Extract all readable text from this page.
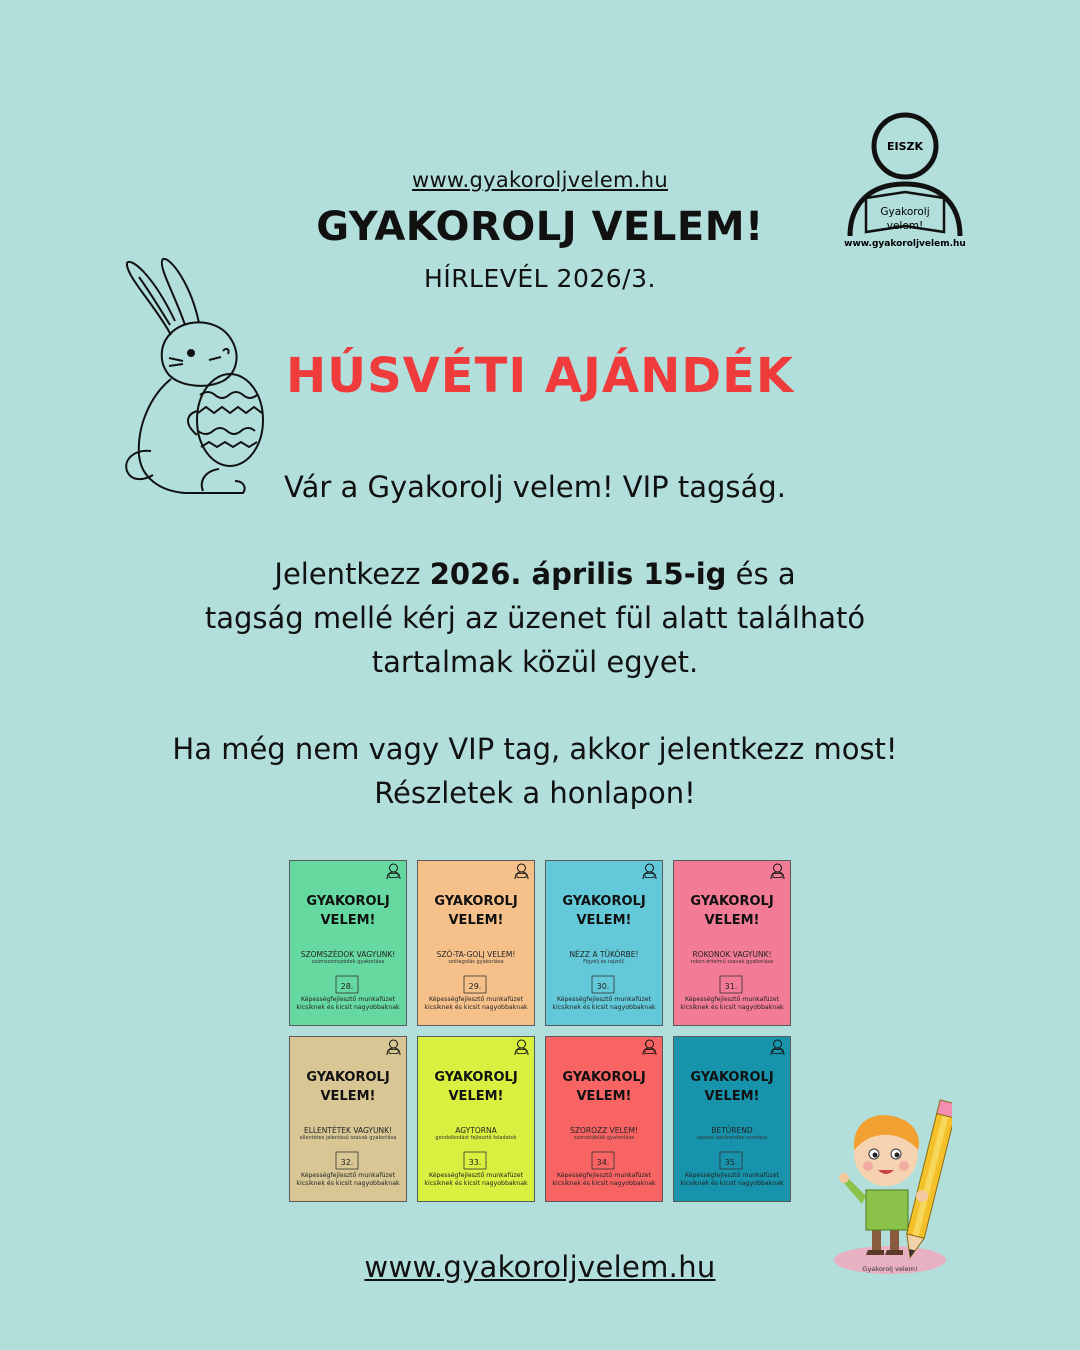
www.gyakoroljvelem.hu
GYAKOROLJ VELEM!
HÍRLEVÉL 2026/3.
EISZK
Gyakorolj
velem!
www.gyakoroljvelem.hu
HÚSVÉTI AJÁNDÉK
Vár a Gyakorolj velem! VIP tagság.
Jelentkezz 2026. április 15-ig és a
tagság mellé kérj az üzenet fül alatt található
tartalmak közül egyet.
Ha még nem vagy VIP tag, akkor jelentkezz most!
Részletek a honlapon!
GYAKOROLJ
VELEM!
SZOMSZÉDOK VAGYUNK!
számszomszédok gyakorlása
28.
Képességfejlesztő munkafüzet
kicsiknek és kicsit nagyobbaknak
GYAKOROLJ
VELEM!
SZÓ-TA-GOLJ VELEM!
szótagolás gyakorlása
29.
Képességfejlesztő munkafüzet
kicsiknek és kicsit nagyobbaknak
GYAKOROLJ
VELEM!
NÉZZ A TÜKÖRBE!
Figyelj és rajzolj!
30.
Képességfejlesztő munkafüzet
kicsiknek és kicsit nagyobbaknak
GYAKOROLJ
VELEM!
ROKONOK VAGYUNK!
rokon értelmű szavak gyakorlása
31.
Képességfejlesztő munkafüzet
kicsiknek és kicsit nagyobbaknak
GYAKOROLJ
VELEM!
ELLENTÉTEK VAGYUNK!
ellentétes jelentésű szavak gyakorlása
32.
Képességfejlesztő munkafüzet
kicsiknek és kicsit nagyobbaknak
GYAKOROLJ
VELEM!
AGYTORNA
gondolkodást fejlesztő feladatok
33.
Képességfejlesztő munkafüzet
kicsiknek és kicsit nagyobbaknak
GYAKOROLJ
VELEM!
SZOROZZ VELEM!
szorzótáblák gyakorlása
34.
Képességfejlesztő munkafüzet
kicsiknek és kicsit nagyobbaknak
GYAKOROLJ
VELEM!
BETŰREND
szavak betűrendbe sorolása
35.
Képességfejlesztő munkafüzet
kicsiknek és kicsit nagyobbaknak
Gyakorolj velem!
www.gyakoroljvelem.hu
